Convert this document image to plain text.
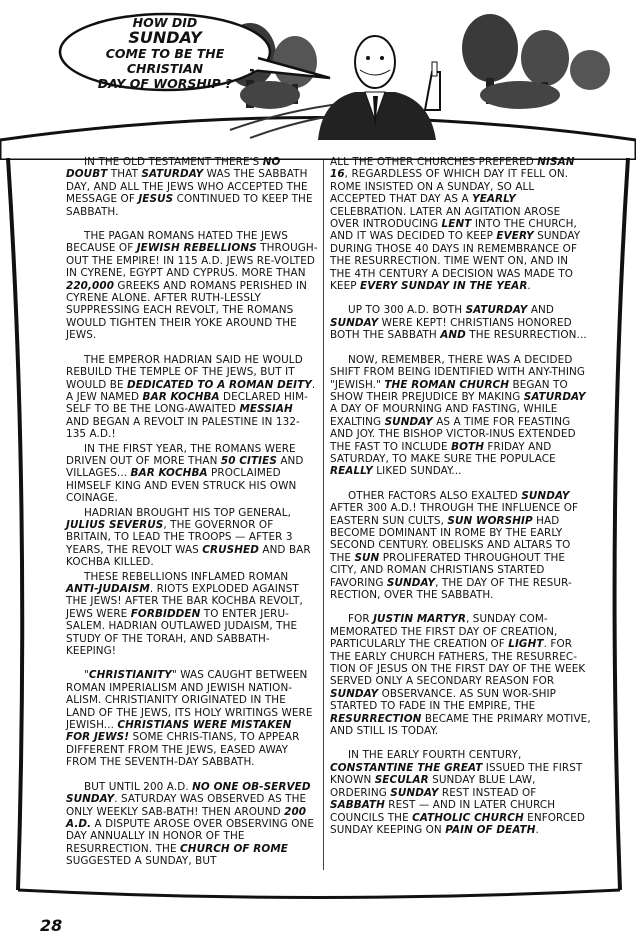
HOW DID
SUNDAY
COME TO BE THE CHRISTIAN
DAY OF WORSHIP ?

IN THE OLD TESTAMENT THERE'S NO DOUBT THAT SATURDAY WAS THE SABBATH DAY, AND ALL THE JEWS WHO ACCEPTED THE MESSAGE OF JESUS CONTINUED TO KEEP THE SABBATH.

THE PAGAN ROMANS HATED THE JEWS BECAUSE OF JEWISH REBELLIONS THROUGH-OUT THE EMPIRE! IN 115 A.D. JEWS RE-VOLTED IN CYRENE, EGYPT AND CYPRUS. MORE THAN 220,000 GREEKS AND ROMANS PERISHED IN CYRENE ALONE. AFTER RUTH-LESSLY SUPPRESSING EACH REVOLT, THE ROMANS WOULD TIGHTEN THEIR YOKE AROUND THE JEWS.

THE EMPEROR HADRIAN SAID HE WOULD REBUILD THE TEMPLE OF THE JEWS, BUT IT WOULD BE DEDICATED TO A ROMAN DEITY. A JEW NAMED BAR KOCHBA DECLARED HIM-SELF TO BE THE LONG-AWAITED MESSIAH AND BEGAN A REVOLT IN PALESTINE IN 132-135 A.D.!

IN THE FIRST YEAR, THE ROMANS WERE DRIVEN OUT OF MORE THAN 50 CITIES AND VILLAGES... BAR KOCHBA PROCLAIMED HIMSELF KING AND EVEN STRUCK HIS OWN COINAGE.

HADRIAN BROUGHT HIS TOP GENERAL, JULIUS SEVERUS, THE GOVERNOR OF BRITAIN, TO LEAD THE TROOPS — AFTER 3 YEARS, THE REVOLT WAS CRUSHED AND BAR KOCHBA KILLED.

THESE REBELLIONS INFLAMED ROMAN ANTI-JUDAISM. RIOTS EXPLODED AGAINST THE JEWS! AFTER THE BAR KOCHBA REVOLT, JEWS WERE FORBIDDEN TO ENTER JERU-SALEM. HADRIAN OUTLAWED JUDAISM, THE STUDY OF THE TORAH, AND SABBATH-KEEPING!

"CHRISTIANITY" WAS CAUGHT BETWEEN ROMAN IMPERIALISM AND JEWISH NATION-ALISM. CHRISTIANITY ORIGINATED IN THE LAND OF THE JEWS, ITS HOLY WRITINGS WERE JEWISH... CHRISTIANS WERE MISTAKEN FOR JEWS! SOME CHRIS-TIANS, TO APPEAR DIFFERENT FROM THE JEWS, EASED AWAY FROM THE SEVENTH-DAY SABBATH.

BUT UNTIL 200 A.D. NO ONE OB-SERVED SUNDAY. SATURDAY WAS OBSERVED AS THE ONLY WEEKLY SAB-BATH! THEN AROUND 200 A.D. A DISPUTE AROSE OVER OBSERVING ONE DAY ANNUALLY IN HONOR OF THE RESURRECTION. THE CHURCH OF ROME SUGGESTED A SUNDAY, BUT

ALL THE OTHER CHURCHES PREFERED NISAN 16, REGARDLESS OF WHICH DAY IT FELL ON. ROME INSISTED ON A SUNDAY, SO ALL ACCEPTED THAT DAY AS A YEARLY CELEBRATION. LATER AN AGITATION AROSE OVER INTRODUCING LENT INTO THE CHURCH, AND IT WAS DECIDED TO KEEP EVERY SUNDAY DURING THOSE 40 DAYS IN REMEMBRANCE OF THE RESURRECTION. TIME WENT ON, AND IN THE 4TH CENTURY A DECISION WAS MADE TO KEEP EVERY SUNDAY IN THE YEAR.

UP TO 300 A.D. BOTH SATURDAY AND SUNDAY WERE KEPT! CHRISTIANS HONORED BOTH THE SABBATH AND THE RESURRECTION...

NOW, REMEMBER, THERE WAS A DECIDED SHIFT FROM BEING IDENTIFIED WITH ANY-THING "JEWISH." THE ROMAN CHURCH BEGAN TO SHOW THEIR PREJUDICE BY MAKING SATURDAY A DAY OF MOURNING AND FASTING, WHILE EXALTING SUNDAY AS A TIME FOR FEASTING AND JOY. THE BISHOP VICTOR-INUS EXTENDED THE FAST TO INCLUDE BOTH FRIDAY AND SATURDAY, TO MAKE SURE THE POPULACE REALLY LIKED SUNDAY...

OTHER FACTORS ALSO EXALTED SUNDAY AFTER 300 A.D.! THROUGH THE INFLUENCE OF EASTERN SUN CULTS, SUN WORSHIP HAD BECOME DOMINANT IN ROME BY THE EARLY SECOND CENTURY. OBELISKS AND ALTARS TO THE SUN PROLIFERATED THROUGHOUT THE CITY, AND ROMAN CHRISTIANS STARTED FAVORING SUNDAY, THE DAY OF THE RESUR-RECTION, OVER THE SABBATH.

FOR JUSTIN MARTYR, SUNDAY COM-MEMORATED THE FIRST DAY OF CREATION, PARTICULARLY THE CREATION OF LIGHT. FOR THE EARLY CHURCH FATHERS, THE RESURREC-TION OF JESUS ON THE FIRST DAY OF THE WEEK SERVED ONLY A SECONDARY REASON FOR SUNDAY OBSERVANCE. AS SUN WOR-SHIP STARTED TO FADE IN THE EMPIRE, THE RESURRECTION BECAME THE PRIMARY MOTIVE, AND STILL IS TODAY.

IN THE EARLY FOURTH CENTURY, CONSTANTINE THE GREAT ISSUED THE FIRST KNOWN SECULAR SUNDAY BLUE LAW, ORDERING SUNDAY REST INSTEAD OF SABBATH REST — AND IN LATER CHURCH COUNCILS THE CATHOLIC CHURCH ENFORCED SUNDAY KEEPING ON PAIN OF DEATH.

28
